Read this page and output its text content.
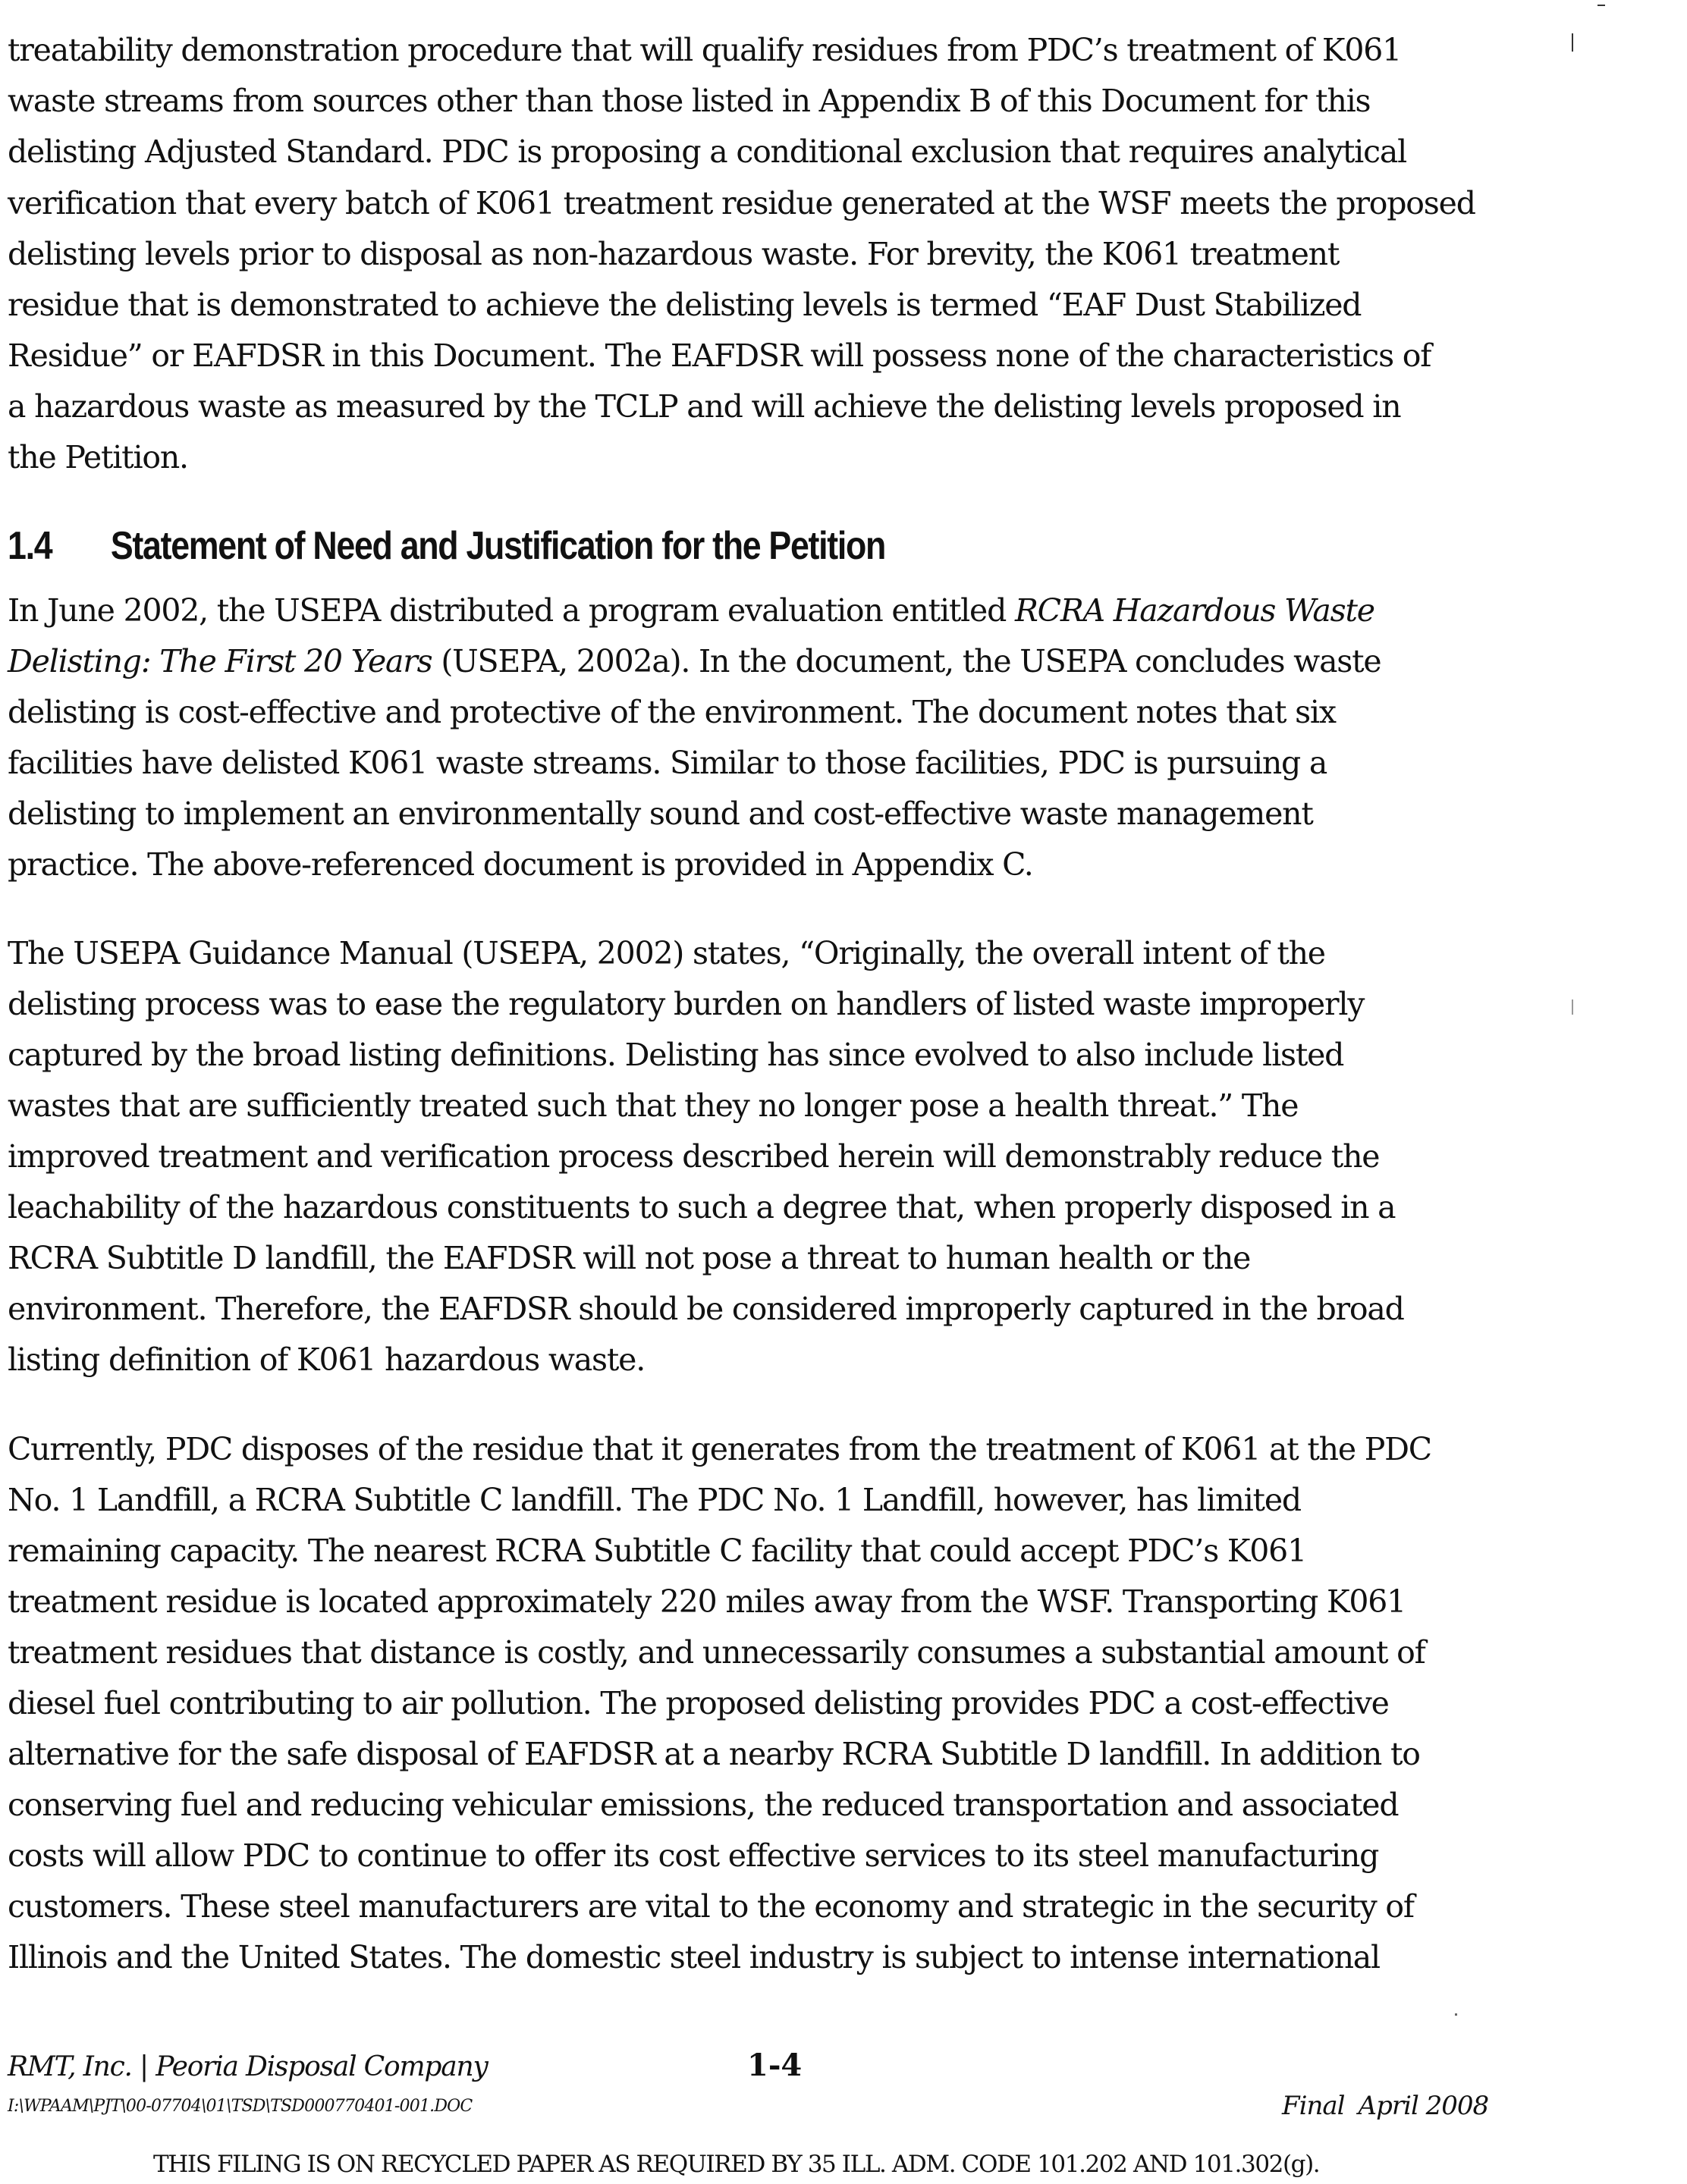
treatability demonstration procedure that will qualify residues from PDC’s treatment of K061
waste streams from sources other than those listed in Appendix B of this Document for this
delisting Adjusted Standard. PDC is proposing a conditional exclusion that requires analytical
verification that every batch of K061 treatment residue generated at the WSF meets the proposed
delisting levels prior to disposal as non-hazardous waste. For brevity, the K061 treatment
residue that is demonstrated to achieve the delisting levels is termed “EAF Dust Stabilized
Residue” or EAFDSR in this Document. The EAFDSR will possess none of the characteristics of
a hazardous waste as measured by the TCLP and will achieve the delisting levels proposed in
the Petition.
1.4 Statement of Need and Justification for the Petition
In June 2002, the USEPA distributed a program evaluation entitled RCRA Hazardous Waste
Delisting: The First 20 Years (USEPA, 2002a). In the document, the USEPA concludes waste
delisting is cost-effective and protective of the environment. The document notes that six
facilities have delisted K061 waste streams. Similar to those facilities, PDC is pursuing a
delisting to implement an environmentally sound and cost-effective waste management
practice. The above-referenced document is provided in Appendix C.
The USEPA Guidance Manual (USEPA, 2002) states, “Originally, the overall intent of the
delisting process was to ease the regulatory burden on handlers of listed waste improperly
captured by the broad listing definitions. Delisting has since evolved to also include listed
wastes that are sufficiently treated such that they no longer pose a health threat.” The
improved treatment and verification process described herein will demonstrably reduce the
leachability of the hazardous constituents to such a degree that, when properly disposed in a
RCRA Subtitle D landfill, the EAFDSR will not pose a threat to human health or the
environment. Therefore, the EAFDSR should be considered improperly captured in the broad
listing definition of K061 hazardous waste.
Currently, PDC disposes of the residue that it generates from the treatment of K061 at the PDC
No. 1 Landfill, a RCRA Subtitle C landfill. The PDC No. 1 Landfill, however, has limited
remaining capacity. The nearest RCRA Subtitle C facility that could accept PDC’s K061
treatment residue is located approximately 220 miles away from the WSF. Transporting K061
treatment residues that distance is costly, and unnecessarily consumes a substantial amount of
diesel fuel contributing to air pollution. The proposed delisting provides PDC a cost-effective
alternative for the safe disposal of EAFDSR at a nearby RCRA Subtitle D landfill. In addition to
conserving fuel and reducing vehicular emissions, the reduced transportation and associated
costs will allow PDC to continue to offer its cost effective services to its steel manufacturing
customers. These steel manufacturers are vital to the economy and strategic in the security of
Illinois and the United States. The domestic steel industry is subject to intense international
RMT, Inc. | Peoria Disposal Company	1-4
I:\WPAAM\PJT\00-07704\01\TSD\TSD000770401-001.DOC	Final April 2008
THIS FILING IS ON RECYCLED PAPER AS REQUIRED BY 35 ILL. ADM. CODE 101.202 AND 101.302(g).
